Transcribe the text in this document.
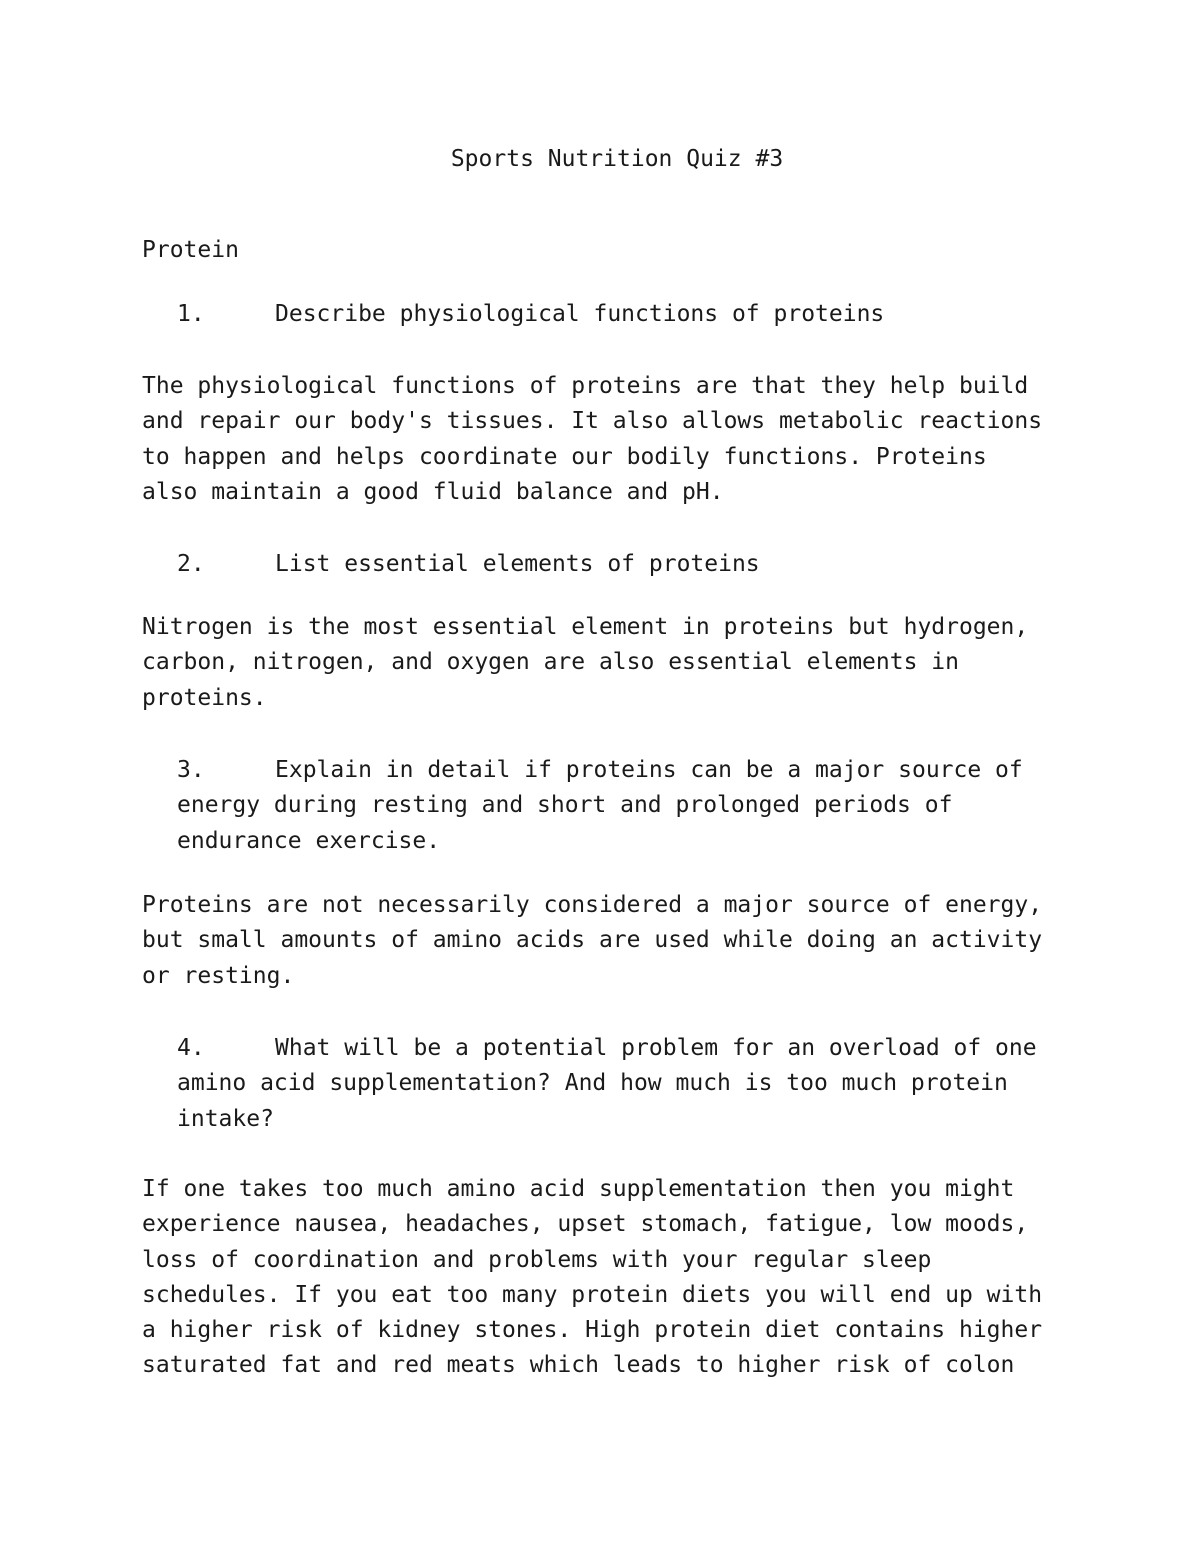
Sports Nutrition Quiz #3
Protein
1.	Describe physiological functions of proteins
The physiological functions of proteins are that they help build
and repair our body's tissues. It also allows metabolic reactions
to happen and helps coordinate our bodily functions. Proteins
also maintain a good fluid balance and pH.
2.	List essential elements of proteins
Nitrogen is the most essential element in proteins but hydrogen,
carbon, nitrogen, and oxygen are also essential elements in
proteins.
3.	Explain in detail if proteins can be a major source of
energy during resting and short and prolonged periods of
endurance exercise.
Proteins are not necessarily considered a major source of energy,
but small amounts of amino acids are used while doing an activity
or resting.
4.	What will be a potential problem for an overload of one
amino acid supplementation? And how much is too much protein
intake?
If one takes too much amino acid supplementation then you might
experience nausea, headaches, upset stomach, fatigue, low moods,
loss of coordination and problems with your regular sleep
schedules. If you eat too many protein diets you will end up with
a higher risk of kidney stones. High protein diet contains higher
saturated fat and red meats which leads to higher risk of colon
